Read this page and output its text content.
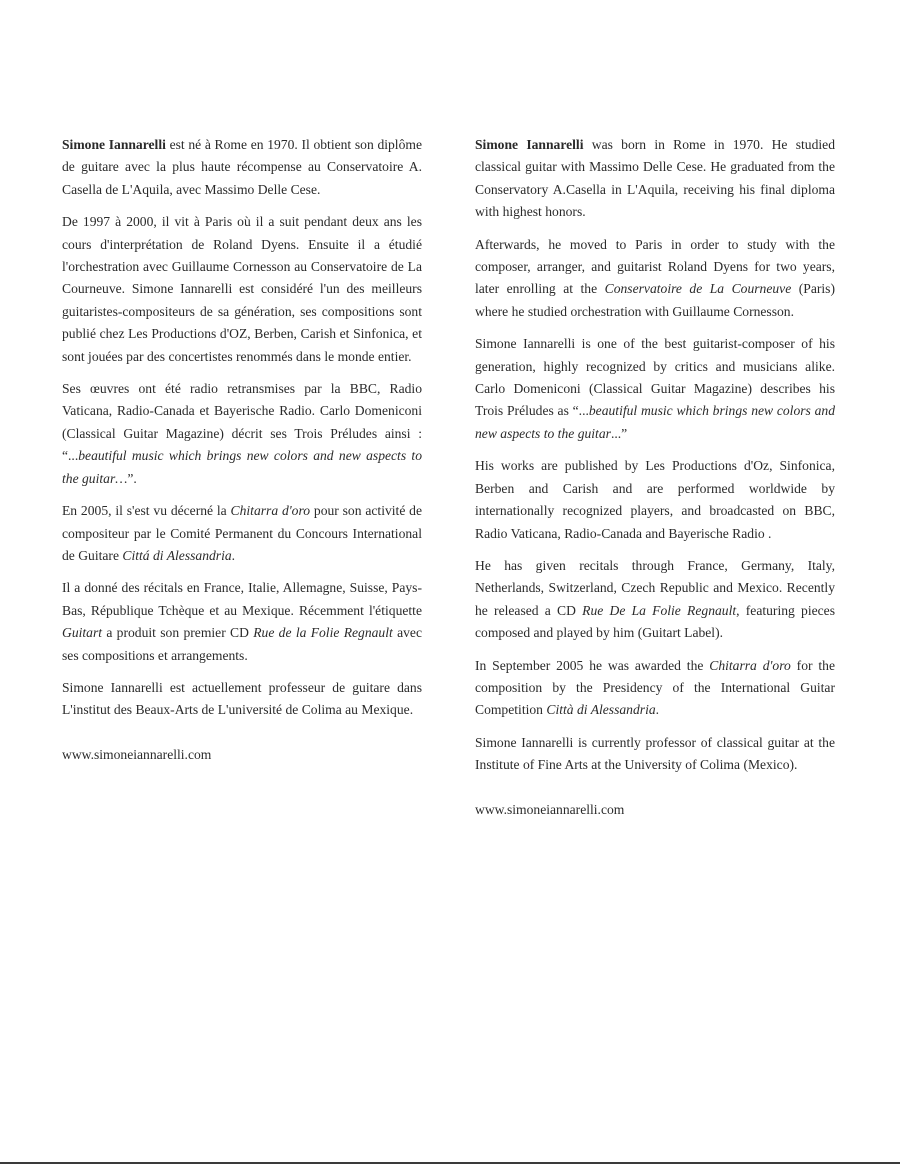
Simone Iannarelli est né à Rome en 1970. Il obtient son diplôme de guitare avec la plus haute récompense au Conservatoire A. Casella de L'Aquila, avec Massimo Delle Cese.

De 1997 à 2000, il vit à Paris où il a suit pendant deux ans les cours d'interprétation de Roland Dyens. Ensuite il a étudié l'orchestration avec Guillaume Cornesson au Conservatoire de La Courneuve. Simone Iannarelli est considéré l'un des meilleurs guitaristes-compositeurs de sa génération, ses compositions sont publié chez Les Productions d'OZ, Berben, Carish et Sinfonica, et sont jouées par des concertistes renommés dans le monde entier.

Ses œuvres ont été radio retransmises par la BBC, Radio Vaticana, Radio-Canada et Bayerische Radio. Carlo Domeniconi (Classical Guitar Magazine) décrit ses Trois Préludes ainsi : “...beautiful music which brings new colors and new aspects to the guitar…”.

En 2005, il s'est vu décerné la Chitarra d'oro pour son activité de compositeur par le Comité Permanent du Concours International de Guitare Cittá di Alessandria.

Il a donné des récitals en France, Italie, Allemagne, Suisse, Pays-Bas, République Tchèque et au Mexique. Récemment l'étiquette Guitart a produit son premier CD Rue de la Folie Regnault avec ses compositions et arrangements.

Simone Iannarelli est actuellement professeur de guitare dans L'institut des Beaux-Arts de L'université de Colima au Mexique.

www.simoneiannarelli.com

Simone Iannarelli was born in Rome in 1970. He studied classical guitar with Massimo Delle Cese. He graduated from the Conservatory A.Casella in L'Aquila, receiving his final diploma with highest honors.

Afterwards, he moved to Paris in order to study with the composer, arranger, and guitarist Roland Dyens for two years, later enrolling at the Conservatoire de La Courneuve (Paris) where he studied orchestration with Guillaume Cornesson.

Simone Iannarelli is one of the best guitarist-composer of his generation, highly recognized by critics and musicians alike. Carlo Domeniconi (Classical Guitar Magazine) describes his Trois Préludes as “...beautiful music which brings new colors and new aspects to the guitar...”

His works are published by Les Productions d'Oz, Sinfonica, Berben and Carish and are performed worldwide by internationally recognized players, and broadcasted on BBC, Radio Vaticana, Radio-Canada and Bayerische Radio .

He has given recitals through France, Germany, Italy, Netherlands, Switzerland, Czech Republic and Mexico. Recently he released a CD Rue De La Folie Regnault, featuring pieces composed and played by him (Guitart Label).

In September 2005 he was awarded the Chitarra d'oro for the composition by the Presidency of the International Guitar Competition Città di Alessandria.

Simone Iannarelli is currently professor of classical guitar at the Institute of Fine Arts at the University of Colima (Mexico).

www.simoneiannarelli.com
